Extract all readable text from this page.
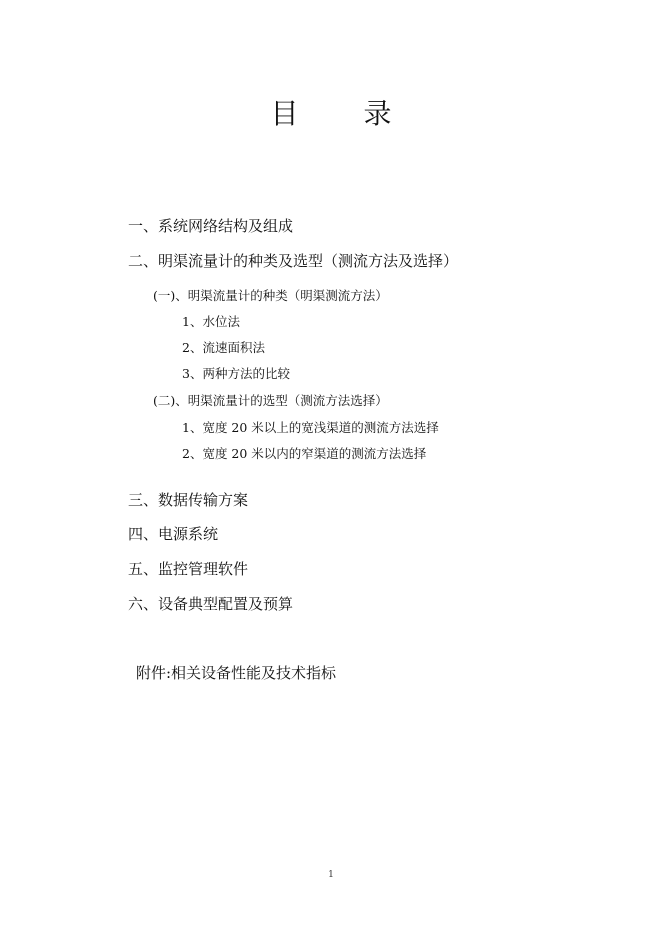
目 录
一、系统网络结构及组成
二、明渠流量计的种类及选型（测流方法及选择）
(一)、明渠流量计的种类（明渠测流方法）
1、水位法
2、流速面积法
3、两种方法的比较
(二)、明渠流量计的选型（测流方法选择）
1、宽度 20 米以上的宽浅渠道的测流方法选择
2、宽度 20 米以内的窄渠道的测流方法选择
三、数据传输方案
四、电源系统
五、监控管理软件
六、设备典型配置及预算
附件:相关设备性能及技术指标
1
